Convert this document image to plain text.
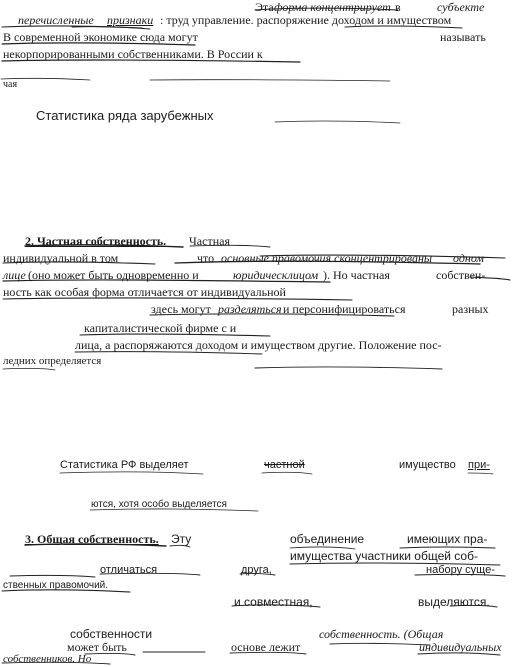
Эта форма концентрирует в	субъекте
перечисленные признаки : труд управление. распоряжение доходом и имуществом
В современной экономике сюда могут	называть
некорпорированными собственниками. В России к
чая
Статистика ряда зарубежных
2. Частная собственность. Частная
индивидуальной в том	что основные правомочия сконцентрированы одном
лице (оно может быть одновременно и	юридическлицом ). Но частная	собствен-
ность как особая форма отличается от индивидуальной
здесь могут разделяться и персонифицироваться	разных
капиталистической фирме с и
лица, а распоряжаются доходом и имуществом другие. Положение пос-
ледних определяется
Статистика РФ выделяет	частной	имущество при-
ются, хотя особо выделяется
3. Общая собственность. Эту	объединение	имеющих пра-
имущества участники общей соб-
отличаться	друга,	набору суще-
ственных правомочий.
и совместная,	выделяются.
собственности	собственность. (Общая
может быть	основе лежит	индивидуальных
собственников. Но
